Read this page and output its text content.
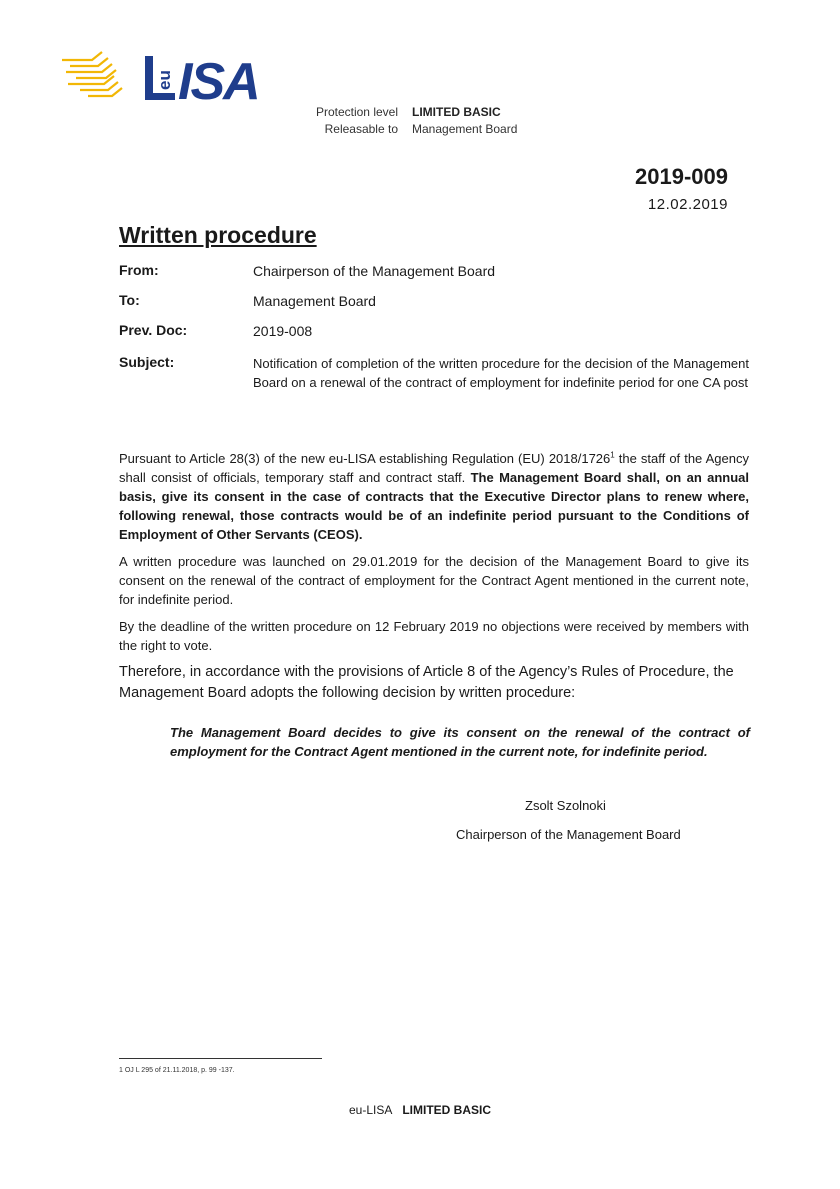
eu ISA
Protection level LIMITED BASIC
Releasable to Management Board
2019-009
12.02.2019
Written procedure
From:	Chairperson of the Management Board
To:	Management Board
Prev. Doc:	2019-008
Subject:	Notification of completion of the written procedure for the decision of the Management Board on a renewal of the contract of employment for indefinite period for one CA post

Pursuant to Article 28(3) of the new eu-LISA establishing Regulation (EU) 2018/1726$^1$ the staff of the Agency shall consist of officials, temporary staff and contract staff. The Management Board shall, on an annual basis, give its consent in the case of contracts that the Executive Director plans to renew where, following renewal, those contracts would be of an indefinite period pursuant to the Conditions of Employment of Other Servants (CEOS).

A written procedure was launched on 29.01.2019 for the decision of the Management Board to give its consent on the renewal of the contract of employment for the Contract Agent mentioned in the current note, for indefinite period.

By the deadline of the written procedure on 12 February 2019 no objections were received by members with the right to vote.

Therefore, in accordance with the provisions of Article 8 of the Agency’s Rules of Procedure, the Management Board adopts the following decision by written procedure:

The Management Board decides to give its consent on the renewal of the contract of employment for the Contract Agent mentioned in the current note, for indefinite period.
Zsolt Szolnoki
Chairperson of the Management Board
1 OJ L 295 of 21.11.2018, p. 99 -137.
eu-LISA LIMITED BASIC
